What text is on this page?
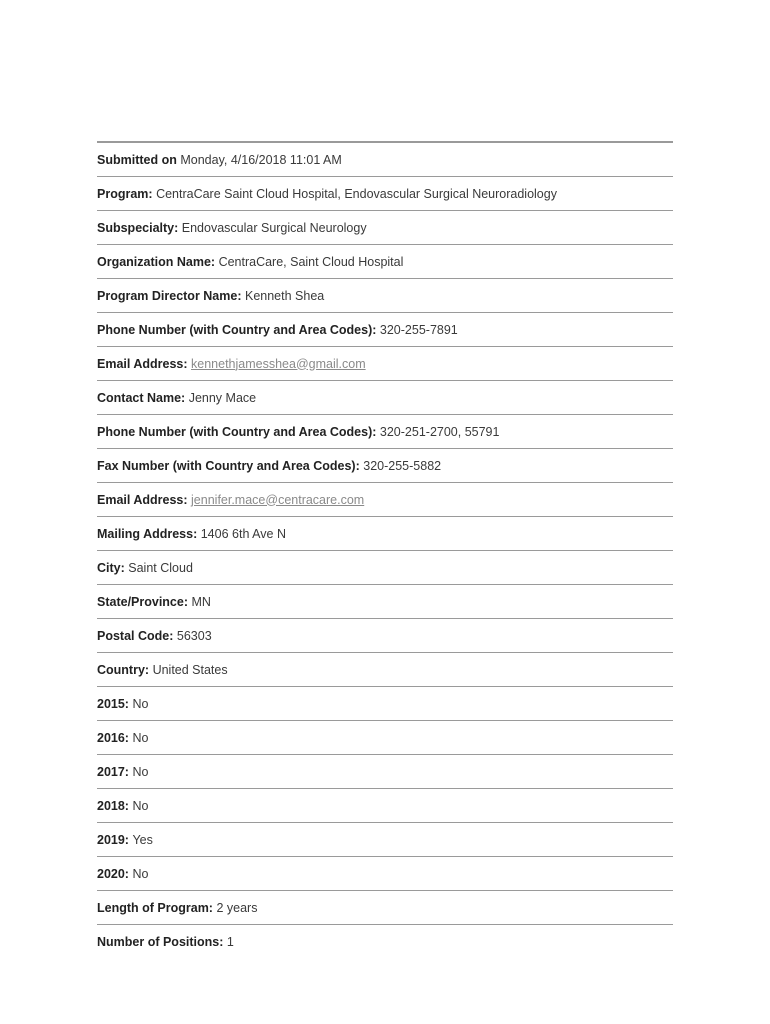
Submitted on
Monday, 4/16/2018 11:01 AM
Program:
CentraCare Saint Cloud Hospital, Endovascular Surgical Neuroradiology
Subspecialty:
Endovascular Surgical Neurology
Organization Name:
CentraCare, Saint Cloud Hospital
Program Director Name:
Kenneth Shea
Phone Number (with Country and Area Codes):
320-255-7891
Email Address:
kennethjamesshea@gmail.com
Contact Name:
Jenny Mace
Phone Number (with Country and Area Codes):
320-251-2700, 55791
Fax Number (with Country and Area Codes):
320-255-5882
Email Address:
jennifer.mace@centracare.com
Mailing Address:
1406 6th Ave N
City:
Saint Cloud
State/Province:
MN
Postal Code:
56303
Country:
United States
2015:
No
2016:
No
2017:
No
2018:
No
2019:
Yes
2020:
No
Length of Program:
2 years
Number of Positions:
1
